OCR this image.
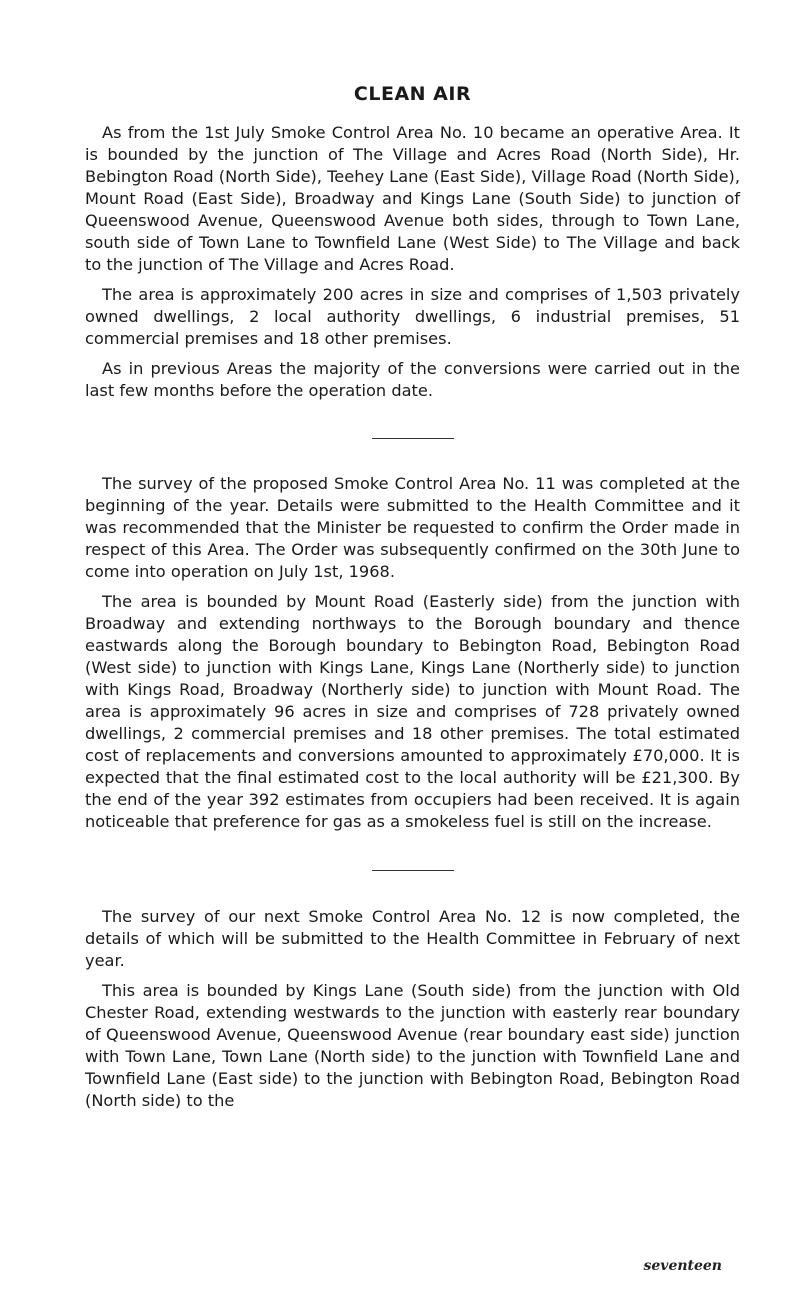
CLEAN AIR

As from the 1st July Smoke Control Area No. 10 became an operative Area. It is bounded by the junction of The Village and Acres Road (North Side), Hr. Bebington Road (North Side), Teehey Lane (East Side), Village Road (North Side), Mount Road (East Side), Broadway and Kings Lane (South Side) to junction of Queenswood Avenue, Queenswood Avenue both sides, through to Town Lane, south side of Town Lane to Townfield Lane (West Side) to The Village and back to the junction of The Village and Acres Road.

The area is approximately 200 acres in size and comprises of 1,503 privately owned dwellings, 2 local authority dwellings, 6 industrial premises, 51 commercial premises and 18 other premises.

As in previous Areas the majority of the conversions were carried out in the last few months before the operation date.

The survey of the proposed Smoke Control Area No. 11 was completed at the beginning of the year. Details were submitted to the Health Committee and it was recommended that the Minister be requested to confirm the Order made in respect of this Area. The Order was subsequently confirmed on the 30th June to come into operation on July 1st, 1968.

The area is bounded by Mount Road (Easterly side) from the junction with Broadway and extending northways to the Borough boundary and thence eastwards along the Borough boundary to Bebington Road, Bebington Road (West side) to junction with Kings Lane, Kings Lane (Northerly side) to junction with Kings Road, Broadway (Northerly side) to junction with Mount Road. The area is approximately 96 acres in size and comprises of 728 privately owned dwellings, 2 commercial premises and 18 other premises. The total estimated cost of replacements and conversions amounted to approximately £70,000. It is expected that the final estimated cost to the local authority will be £21,300. By the end of the year 392 estimates from occupiers had been received. It is again noticeable that preference for gas as a smokeless fuel is still on the increase.

The survey of our next Smoke Control Area No. 12 is now completed, the details of which will be submitted to the Health Committee in February of next year.

This area is bounded by Kings Lane (South side) from the junction with Old Chester Road, extending westwards to the junction with easterly rear boundary of Queenswood Avenue, Queenswood Avenue (rear boundary east side) junction with Town Lane, Town Lane (North side) to the junction with Townfield Lane and Townfield Lane (East side) to the junction with Bebington Road, Bebington Road (North side) to the

seventeen
